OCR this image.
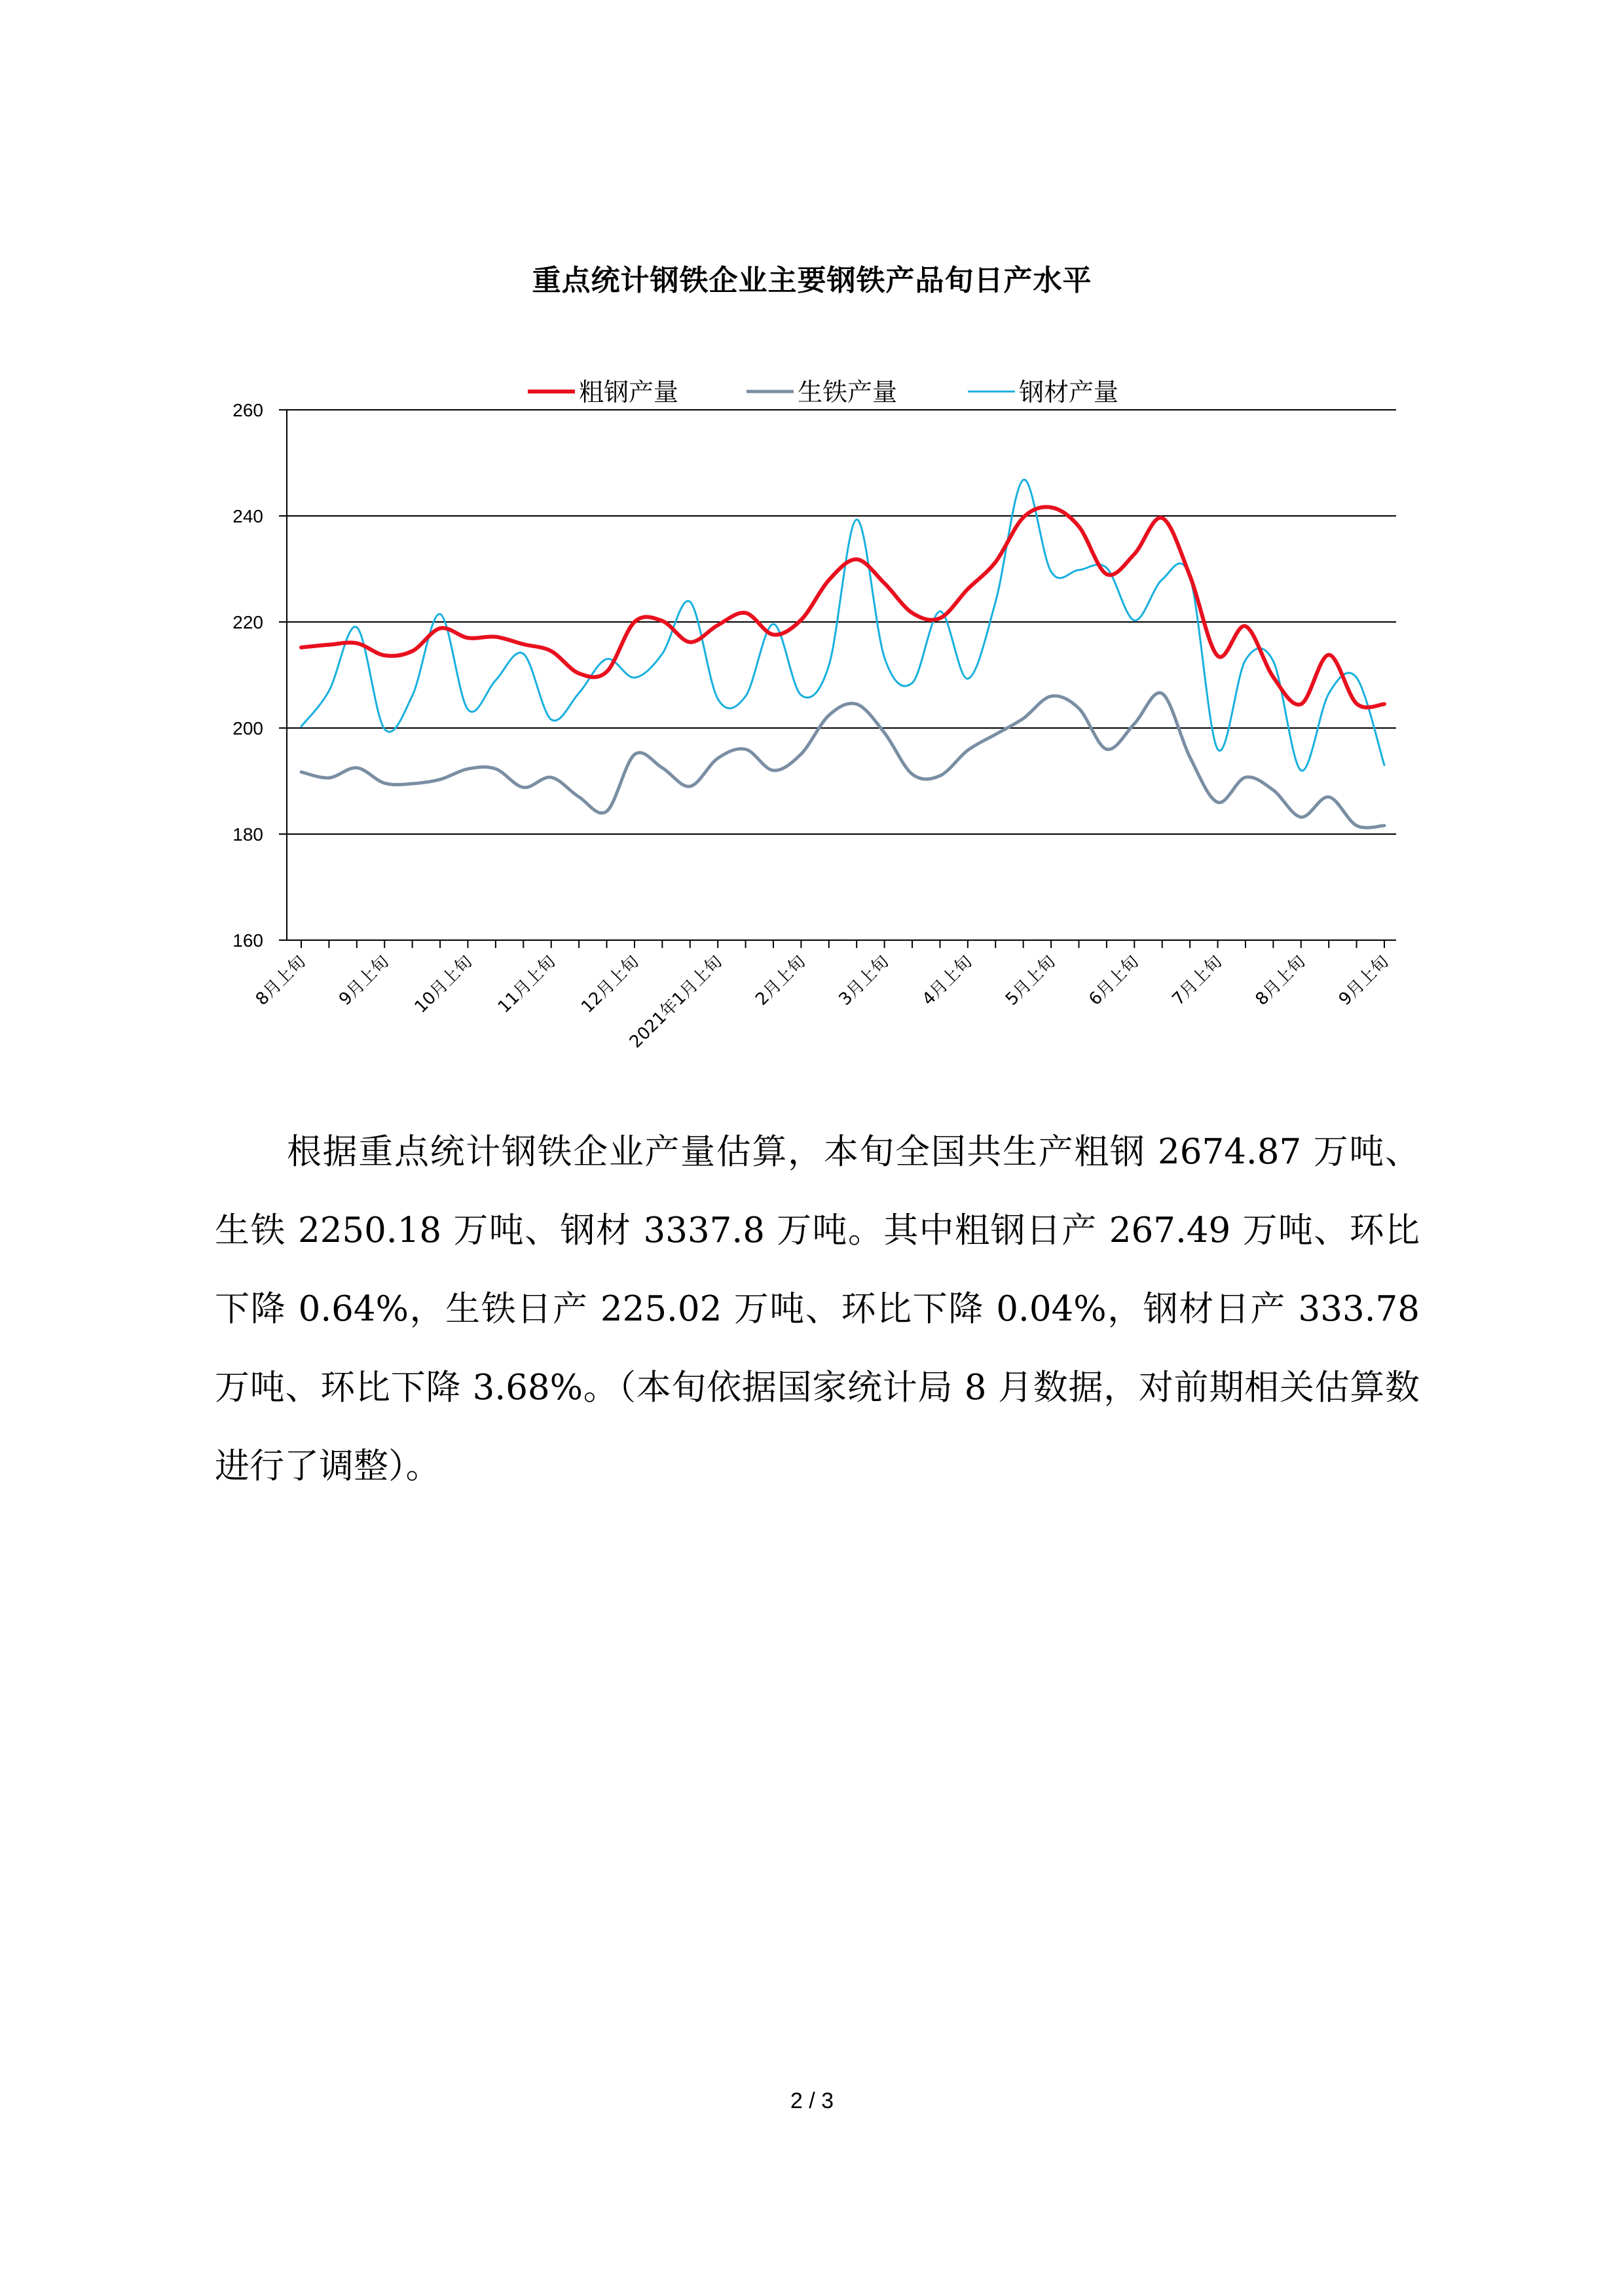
重点统计钢铁企业主要钢铁产品旬日产水平
160
180
200
220
240
260
8月上旬 9月上旬 10月上旬 11月上旬 12月上旬
2021年1月上旬 2月上旬 3月上旬 4月上旬 5月上旬 6月上旬 7月上旬 8月上旬 9月上旬
粗钢产量	生铁产量	钢材产量

根据重点统计钢铁企业产量估算，本旬全国共生产粗钢 2674.87 万吨、生铁 2250.18 万吨、钢材 3337.8 万吨。其中粗钢日产 267.49 万吨、环比下降 0.64%，生铁日产 225.02 万吨、环比下降 0.04%，钢材日产 333.78 万吨、环比下降 3.68%。（本旬依据国家统计局 8 月数据，对前期相关估算数进行了调整）。

2 / 3
